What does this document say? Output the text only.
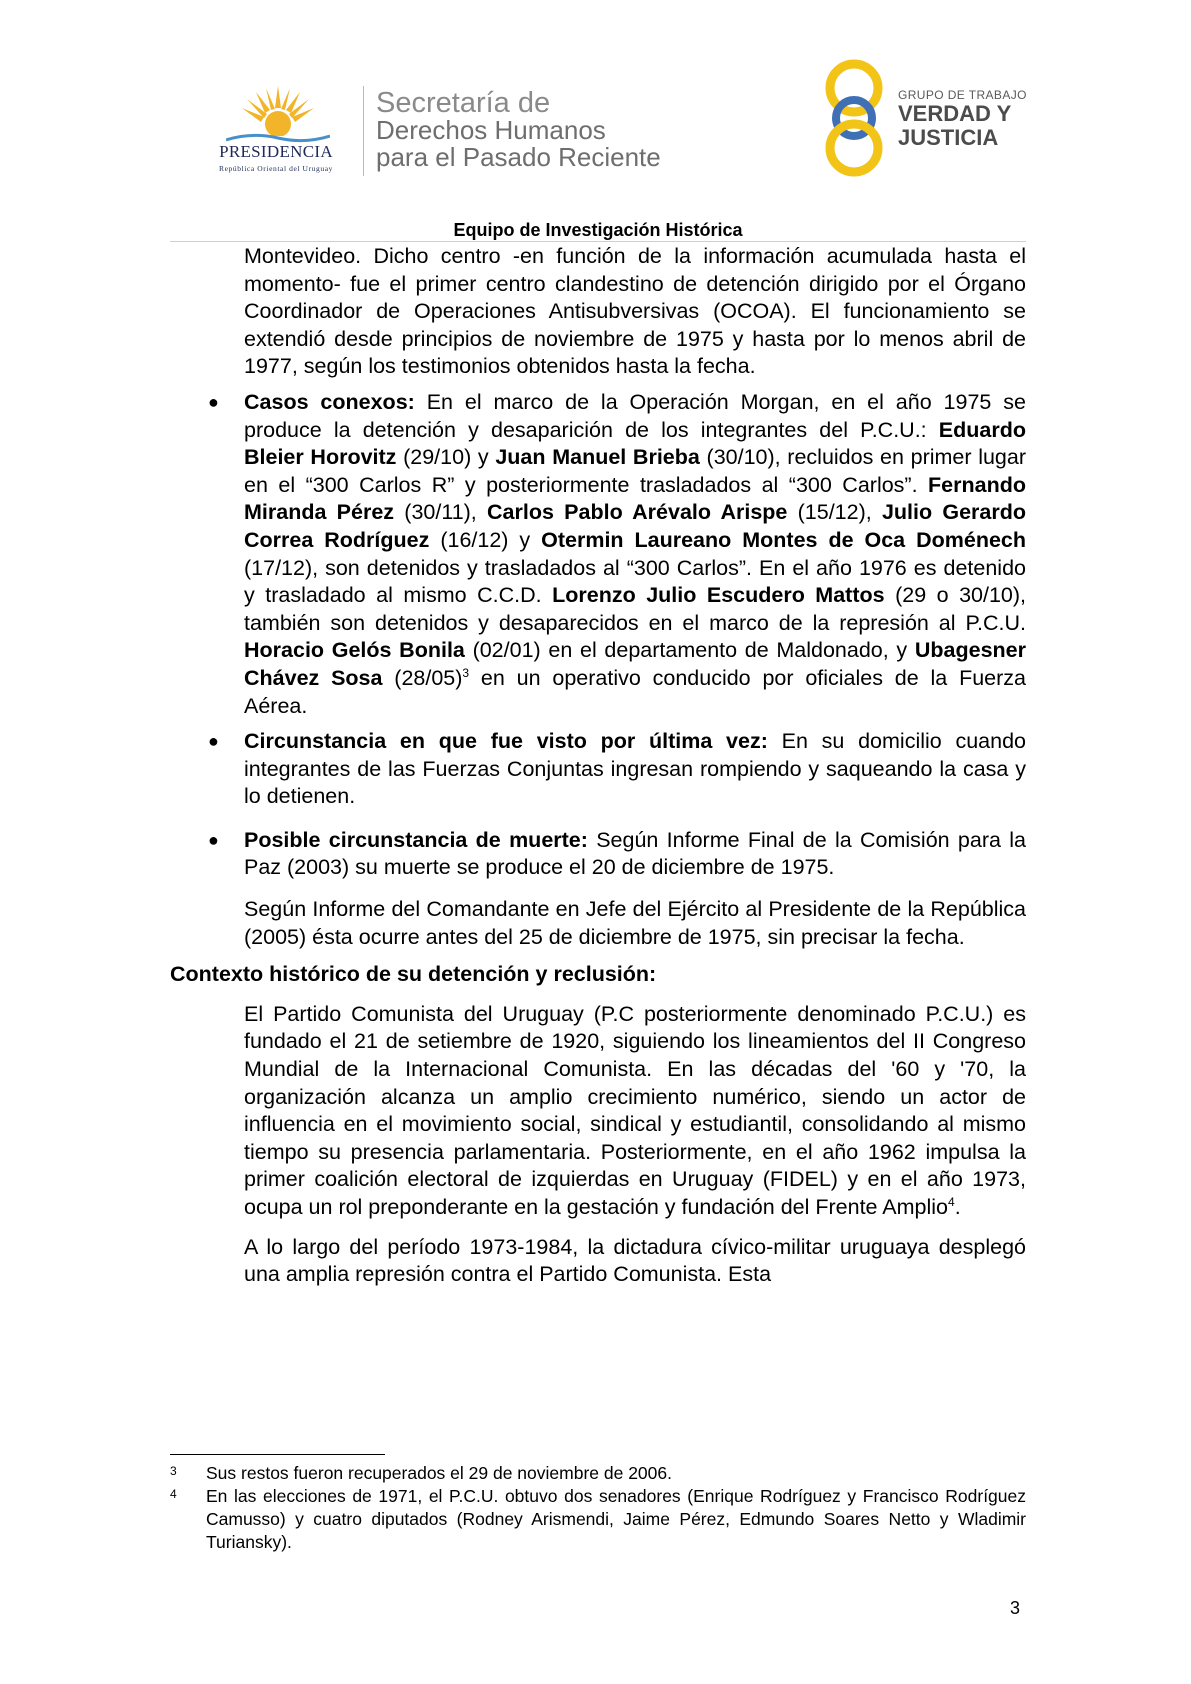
PRESIDENCIA
República Oriental del Uruguay
Secretaría de
Derechos Humanos
para el Pasado Reciente
GRUPO DE TRABAJO
VERDAD Y
JUSTICIA
Equipo de Investigación Histórica

Montevideo. Dicho centro -en función de la información acumulada hasta el momento- fue el primer centro clandestino de detención dirigido por el Órgano Coordinador de Operaciones Antisubversivas (OCOA). El funcionamiento se extendió desde principios de noviembre de 1975 y hasta por lo menos abril de 1977, según los testimonios obtenidos hasta la fecha.

● Casos conexos: En el marco de la Operación Morgan, en el año 1975 se produce la detención y desaparición de los integrantes del P.C.U.: Eduardo Bleier Horovitz (29/10) y Juan Manuel Brieba (30/10), recluidos en primer lugar en el “300 Carlos R” y posteriormente trasladados al “300 Carlos”. Fernando Miranda Pérez (30/11), Carlos Pablo Arévalo Arispe (15/12), Julio Gerardo Correa Rodríguez (16/12) y Otermin Laureano Montes de Oca Doménech (17/12), son detenidos y trasladados al “300 Carlos”. En el año 1976 es detenido y trasladado al mismo C.C.D. Lorenzo Julio Escudero Mattos (29 o 30/10), también son detenidos y desaparecidos en el marco de la represión al P.C.U. Horacio Gelós Bonila (02/01) en el departamento de Maldonado, y Ubagesner Chávez Sosa $(28/05)^3$ en un operativo conducido por oficiales de la Fuerza Aérea.
● Circunstancia en que fue visto por última vez: En su domicilio cuando integrantes de las Fuerzas Conjuntas ingresan rompiendo y saqueando la casa y lo detienen.
● Posible circunstancia de muerte: Según Informe Final de la Comisión para la Paz (2003) su muerte se produce el 20 de diciembre de 1975.
Según Informe del Comandante en Jefe del Ejército al Presidente de la República (2005) ésta ocurre antes del 25 de diciembre de 1975, sin precisar la fecha.
Contexto histórico de su detención y reclusión:

El Partido Comunista del Uruguay (P.C posteriormente denominado P.C.U.) es fundado el 21 de setiembre de 1920, siguiendo los lineamientos del II Congreso Mundial de la Internacional Comunista. En las décadas del '60 y '70, la organización alcanza un amplio crecimiento numérico, siendo un actor de influencia en el movimiento social, sindical y estudiantil, consolidando al mismo tiempo su presencia parlamentaria. Posteriormente, en el año 1962 impulsa la primer coalición electoral de izquierdas en Uruguay (FIDEL) y en el año 1973, ocupa un rol preponderante en la gestación y fundación del Frente Amplio$^4$.

A lo largo del período 1973-1984, la dictadura cívico-militar uruguaya desplegó una amplia represión contra el Partido Comunista. Esta

3 Sus restos fueron recuperados el 29 de noviembre de 2006.
4 En las elecciones de 1971, el P.C.U. obtuvo dos senadores (Enrique Rodríguez y Francisco Rodríguez Camusso) y cuatro diputados (Rodney Arismendi, Jaime Pérez, Edmundo Soares Netto y Wladimir Turiansky).
3
